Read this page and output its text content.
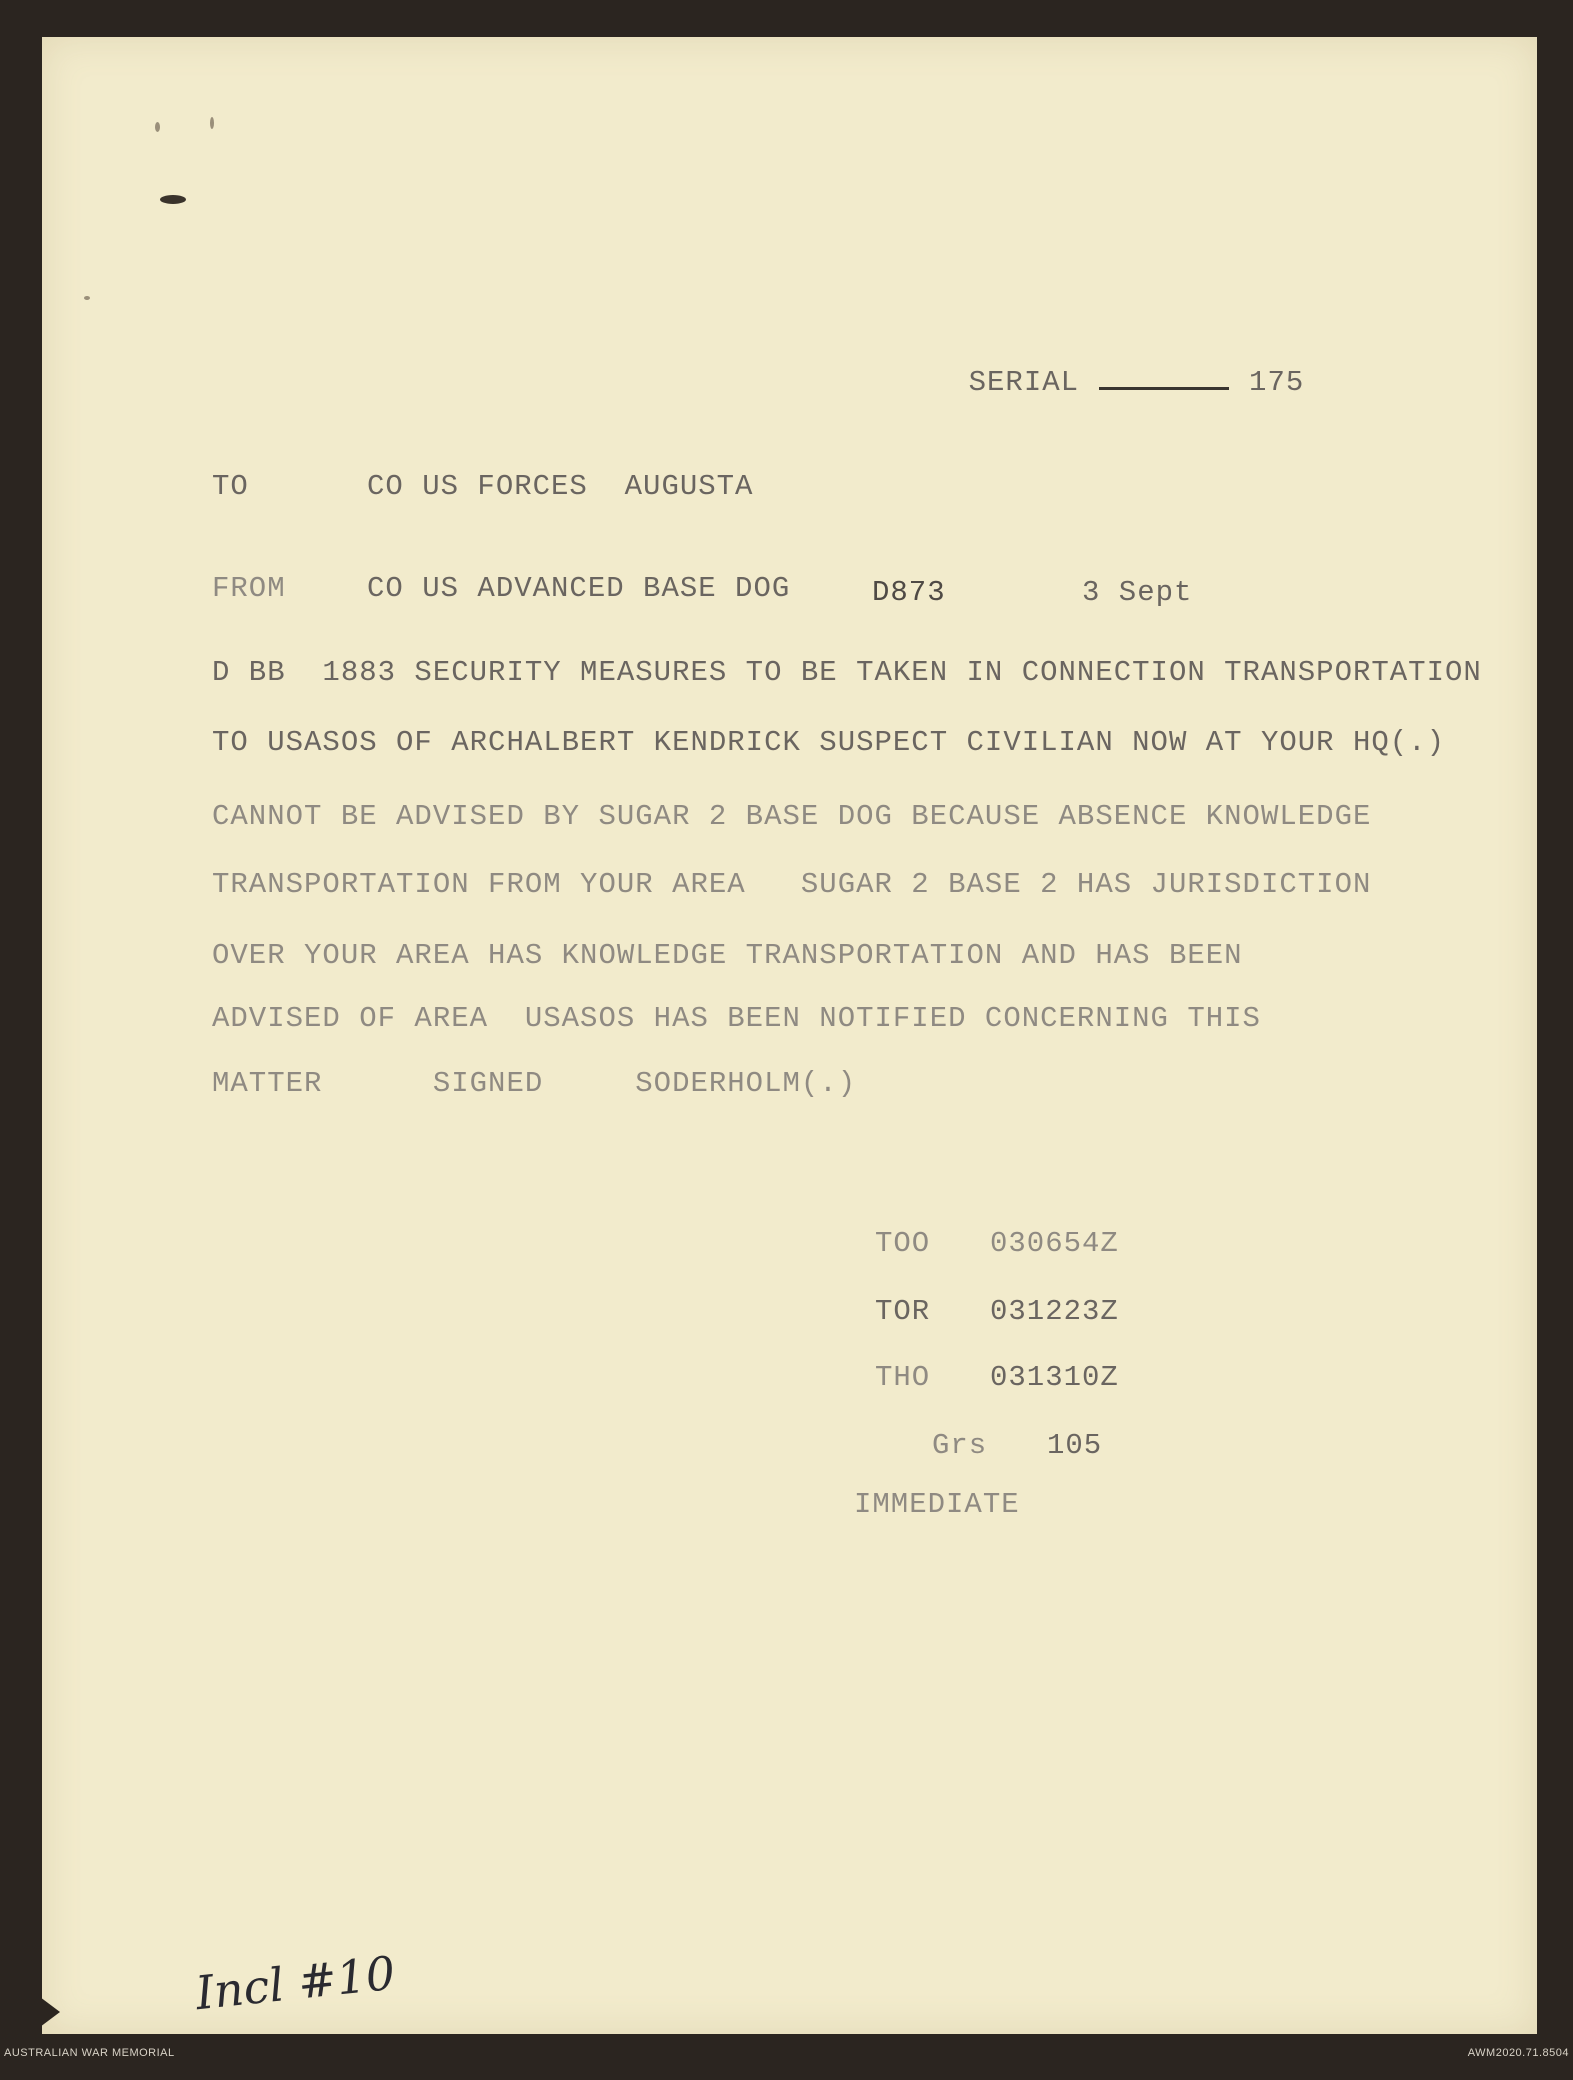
SERIAL	175

TO	CO US FORCES  AUGUSTA
FROM	CO US ADVANCED BASE DOG	D873	3 Sept
D BB  1883 SECURITY MEASURES TO BE TAKEN IN CONNECTION TRANSPORTATION
TO USASOS OF ARCHALBERT KENDRICK SUSPECT CIVILIAN NOW AT YOUR HQ(.)
CANNOT BE ADVISED BY SUGAR 2 BASE DOG BECAUSE ABSENCE KNOWLEDGE
TRANSPORTATION FROM YOUR AREA   SUGAR 2 BASE 2 HAS JURISDICTION
OVER YOUR AREA HAS KNOWLEDGE TRANSPORTATION AND HAS BEEN
ADVISED OF AREA  USASOS HAS BEEN NOTIFIED CONCERNING THIS
MATTER      SIGNED     SODERHOLM(.)
TOO 030654Z
TOR 031223Z
THO 031310Z
Grs 105
IMMEDIATE

Incl #10

AUSTRALIAN WAR MEMORIAL	AWM2020.71.8504
